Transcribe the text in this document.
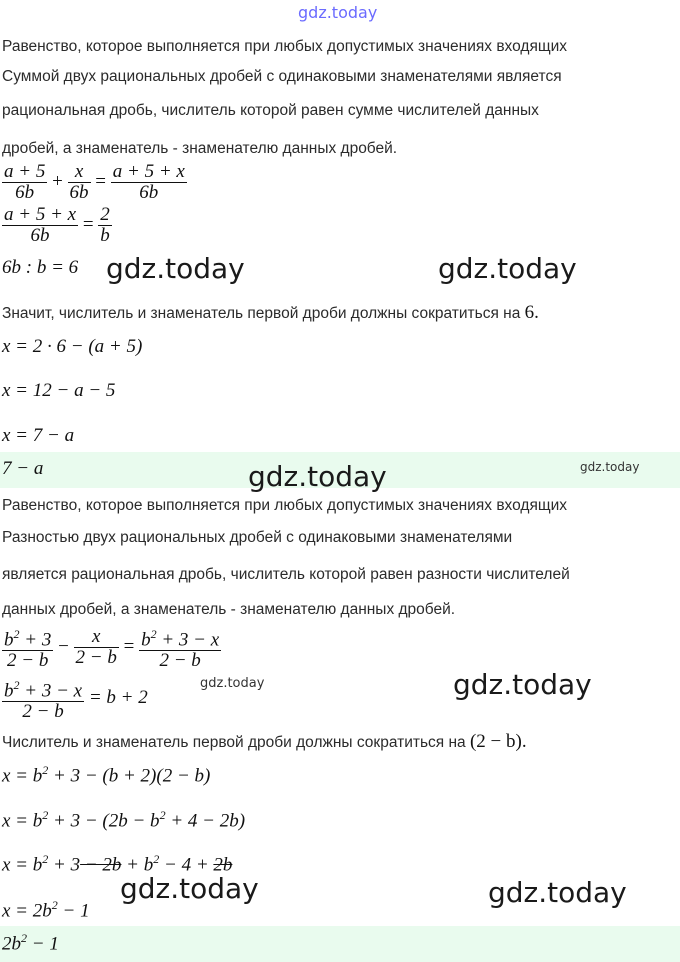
gdz.today
Равенство, которое выполняется при любых допустимых значениях входящих
Суммой двух рациональных дробей с одинаковыми знаменателями является
рациональная дробь, числитель которой равен сумме числителей данных
дробей, а знаменатель - знаменателю данных дробей.
$\frac{a + 5}{6b} + \frac{x}{6b} = \frac{a + 5 + x}{6b}$
$\frac{a + 5 + x}{6b} = \frac{2}{b}$
6b : b = 6 gdz.today	gdz.today
Значит, числитель и знаменатель первой дроби должны сократиться на 6.
x = 2 · 6 − (a + 5)
x = 12 − a − 5
x = 7 − a
7 − a	gdz.today
gdz.today
Равенство, которое выполняется при любых допустимых значениях входящих
Разностью двух рациональных дробей с одинаковыми знаменателями
является рациональная дробь, числитель которой равен разности числителей
данных дробей, а знаменатель - знаменателю данных дробей.
$\frac{b^2 + 3}{2 - b} - \frac{x}{2 - b} = \frac{b^2 + 3 - x}{2 - b}$
$\frac{b^2 + 3 - x}{2 - b} = b + 2$
gdz.today	gdz.today
Числитель и знаменатель первой дроби должны сократиться на (2 − b).
$x = b^2 + 3 - (b + 2)(2 - b)$
$x = b^2 + 3 - (2b - b^2 + 4 - 2b)$
$x = b^2 + 3 - 2b + b^2 - 4 + 2b$
gdz.today	gdz.today
$x = 2b^2 - 1$
$2b^2 - 1$
